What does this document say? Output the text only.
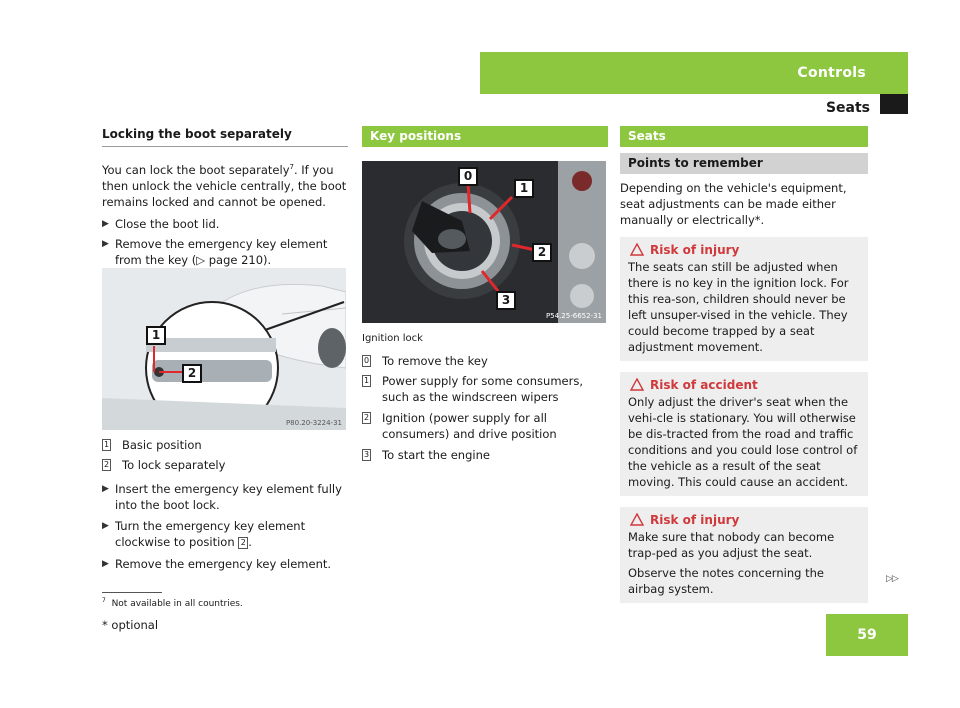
Controls
Seats
Locking the boot separately

You can lock the boot separately$^7$. If you then unlock the vehicle centrally, the boot remains locked and cannot be opened.

▶ Close the boot lid.
▶ Remove the emergency key element from the key (▷ page 210).
1
2
P80.20-3224-31
1 Basic position
2 To lock separately
▶ Insert the emergency key element fully into the boot lock.
▶ Turn the emergency key element clockwise to position 2 .
▶ Remove the emergency key element.
Key positions
0
1
2
3
P54.25-6652-31

Ignition lock

0 To remove the key
1 Power supply for some consumers, such as the windscreen wipers
2 Ignition (power supply for all consumers) and drive position
3 To start the engine
Seats
Points to remember

Depending on the vehicle's equipment, seat adjustments can be made either manually or electrically*.

Risk of injury

The seats can still be adjusted when there is no key in the ignition lock. For this rea-son, children should never be left unsuper-vised in the vehicle. They could become trapped by a seat adjustment movement.

Risk of accident

Only adjust the driver's seat when the vehi-cle is stationary. You will otherwise be dis-tracted from the road and traffic conditions and you could lose control of the vehicle as a result of the seat moving. This could cause an accident.

Risk of injury

Make sure that nobody can become trap-ped as you adjust the seat.

Observe the notes concerning the airbag system.

▷▷
$^7$ Not available in all countries.
* optional
59
